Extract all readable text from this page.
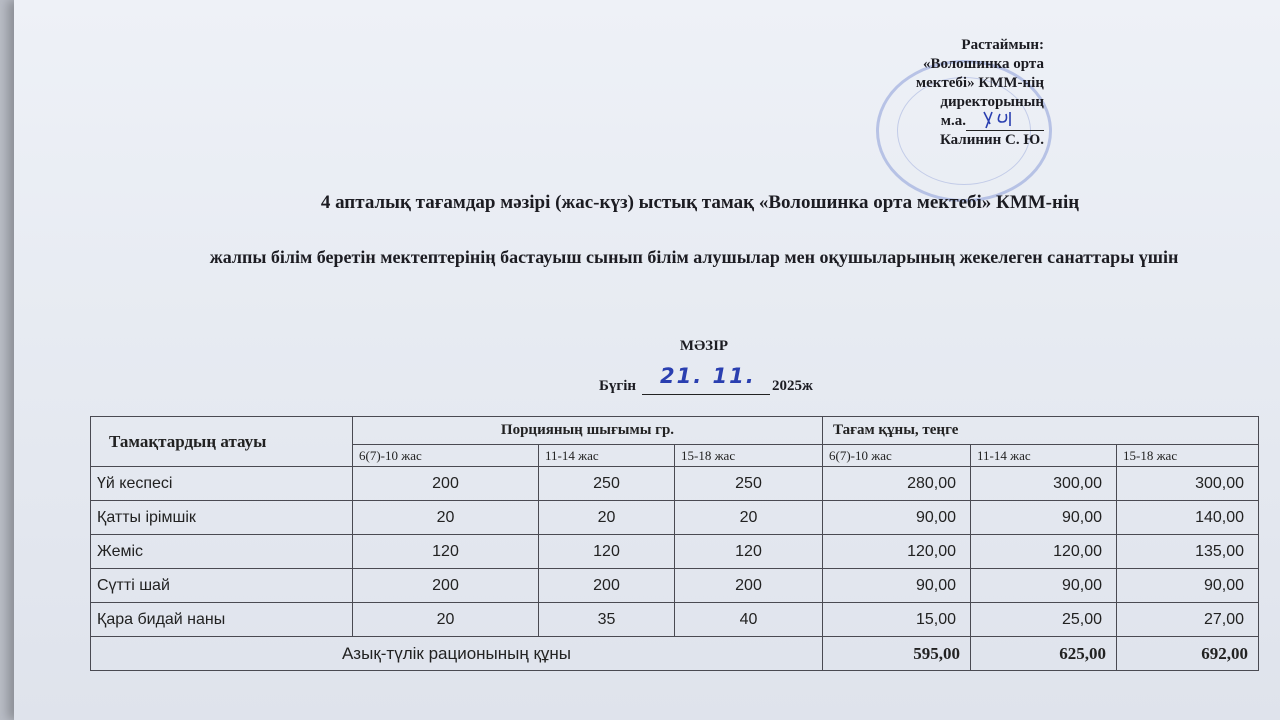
Растаймын:
«Волошинка орта
мектебі» КММ-нің
директорының
м.а.
Калинин С. Ю.
4 апталық тағамдар мәзірі (жас-күз) ыстық тамақ «Волошинка орта мектебі» КММ-нің
жалпы білім беретін мектептерінің бастауыш сынып білім алушылар мен оқушыларының жекелеген санаттары үшін
МӘЗІР
Бүгін 21. 11. 2025ж
Тамақтардың атауы	Порцияның шығымы гр.			Тағам құны, теңге		
	6(7)-10 жас	11-14 жас	15-18 жас	6(7)-10 жас	11-14 жас	15-18 жас
Үй кеспесі	200	250	250	280,00	300,00	300,00
Қатты ірімшік	20	20	20	90,00	90,00	140,00
Жеміс	120	120	120	120,00	120,00	135,00
Сүтті шай	200	200	200	90,00	90,00	90,00
Қара бидай наны	20	35	40	15,00	25,00	27,00
Азық-түлік рационының құны				595,00	625,00	692,00
